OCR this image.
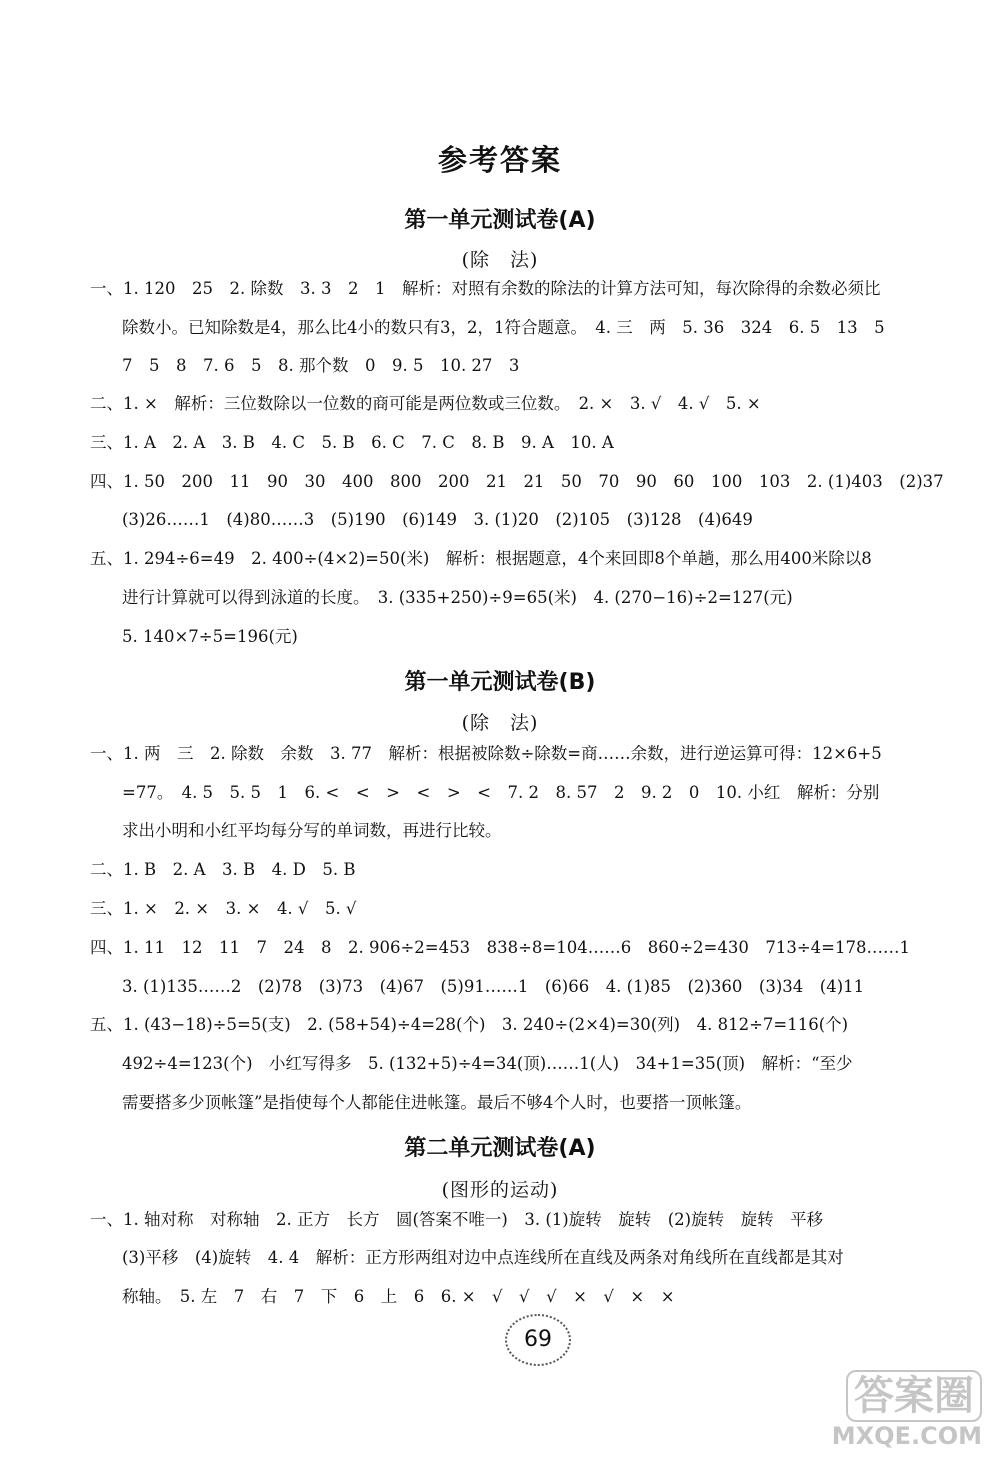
参考答案
第一单元测试卷(A)
(除　法)
一、1. 120　25　2. 除数　3. 3　2　1　解析：对照有余数的除法的计算方法可知，每次除得的余数必须比
除数小。已知除数是4，那么比4小的数只有3，2，1符合题意。　4. 三　两　5. 36　324　6. 5　13　5
7　5　8　7. 6　5　8. 那个数　0　9. 5　10. 27　3
二、1. ×　解析：三位数除以一位数的商可能是两位数或三位数。　2. ×　3. √　4. √　5. ×
三、1. A　2. A　3. B　4. C　5. B　6. C　7. C　8. B　9. A　10. A
四、1. 50　200　11　90　30　400　800　200　21　21　50　70　90　60　100　103　2. (1)403　(2)37
(3)26……1　(4)80……3　(5)190　(6)149　3. (1)20　(2)105　(3)128　(4)649
五、1. 294÷6=49　2. 400÷(4×2)=50(米)　解析：根据题意，4个来回即8个单趟，那么用400米除以8
进行计算就可以得到泳道的长度。　3. (335+250)÷9=65(米)　4. (270−16)÷2=127(元)
5. 140×7÷5=196(元)
第一单元测试卷(B)
(除　法)
一、1. 两　三　2. 除数　余数　3. 77　解析：根据被除数÷除数=商……余数，进行逆运算可得：12×6+5
=77。　4. 5　5. 5　1　6. <　<　>　<　>　<　7. 2　8. 57　2　9. 2　0　10. 小红　解析：分别
求出小明和小红平均每分写的单词数，再进行比较。
二、1. B　2. A　3. B　4. D　5. B
三、1. ×　2. ×　3. ×　4. √　5. √
四、1. 11　12　11　7　24　8　2. 906÷2=453　838÷8=104……6　860÷2=430　713÷4=178……1
3. (1)135……2　(2)78　(3)73　(4)67　(5)91……1　(6)66　4. (1)85　(2)360　(3)34　(4)11
五、1. (43−18)÷5=5(支)　2. (58+54)÷4=28(个)　3. 240÷(2×4)=30(列)　4. 812÷7=116(个)
492÷4=123(个)　小红写得多　5. (132+5)÷4=34(顶)……1(人)　34+1=35(顶)　解析：“至少
需要搭多少顶帐篷”是指使每个人都能住进帐篷。最后不够4个人时，也要搭一顶帐篷。
第二单元测试卷(A)
(图形的运动)
一、1. 轴对称　对称轴　2. 正方　长方　圆(答案不唯一)　3. (1)旋转　旋转　(2)旋转　旋转　平移
(3)平移　(4)旋转　4. 4　解析：正方形两组对边中点连线所在直线及两条对角线所在直线都是其对
称轴。　5. 左　7　右　7　下　6　上　6　6. ×　√　√　√　×　√　×　×
69
答案圈
MXQE.COM
